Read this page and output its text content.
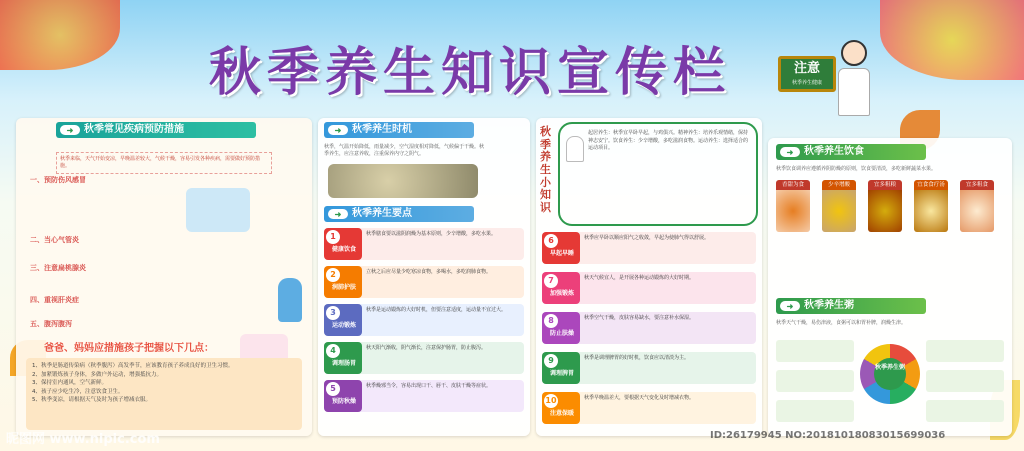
秋季养生知识宣传栏	注意
秋季养生健康
➜	秋季常见疾病预防措施
秋季来临，天气开始变凉，早晚温差较大，气候干燥，容易引发各种疾病，需要做好预防措施。
一、预防伤风感冒
二、当心气管炎
三、注意扁桃腺炎
四、重视肝炎症
五、腹泻腹泻
爸爸、妈妈应措施孩子把握以下几点：
1、秋季是肠道传染病（秋季腹泻）高发季节，应该教育孩子养成良好的卫生习惯。
2、加紧锻炼孩子身体，多做户外运动，增强抵抗力。
3、保持室内通风，空气新鲜。
4、孩子应少吃生冷，注意饮食卫生。
5、秋季变凉，请根据天气及时为孩子增减衣服。
➜	秋季养生时机
秋季，气温开始降低，雨量减少，空气湿度相对降低，气候偏于干燥。秋季养生，应注意养收，注重保养内守之阴气。
➜	秋季养生要点
1
健康饮食
秋季膳食要以滋阴润燥为基本原则，少辛增酸，多吃水果。
2
润肺护肤
立秋之后应尽量少吃寒凉食物，多喝水，多吃润肺食物。
3
运动锻炼
秋季是运动锻炼的大好时机，但要注意适度，运动量不宜过大。
4
调理肠胃
秋天阳气渐收，阴气渐长，注意保护肠胃，防止腹泻。
5
预防秋燥
秋季燥邪当令，容易出现口干、唇干、皮肤干燥等症状。
秋季养生小知识
起居养生：秋季宜早卧早起，与鸡俱兴。精神养生：培养乐观情绪，保持神志安宁。饮食养生：少辛增酸，多吃滋润食物。运动养生：选择适合的运动项目。
6
早起早睡
秋季应早卧以顺应阳气之收敛，早起为使肺气得以舒展。
7
加强锻炼
秋天气候宜人，是开展各种运动锻炼的大好时期。
8
防止肤燥
秋季空气干燥，皮肤容易缺水，要注意补水保湿。
9
调理脾胃
秋季是调理脾胃的好时机，饮食应以清淡为主。
10
注意保暖
秋季早晚温差大，要根据天气变化及时增减衣物。
➜	秋季养生饮食
秋季饮食调养应遵循养阴防燥的原则，饮食要清淡，多吃新鲜蔬菜水果。
香甜为食	少辛增酸	宜多粗粮	宜食食疗汤	宜多粗食
➜	秋季养生粥
秋季天气干燥，易伤津液，食粥可以和胃补脾，润燥生津。
秋季养生粥
昵图网 www.nipic.com	ID:26179945 NO:20181018083015699036
